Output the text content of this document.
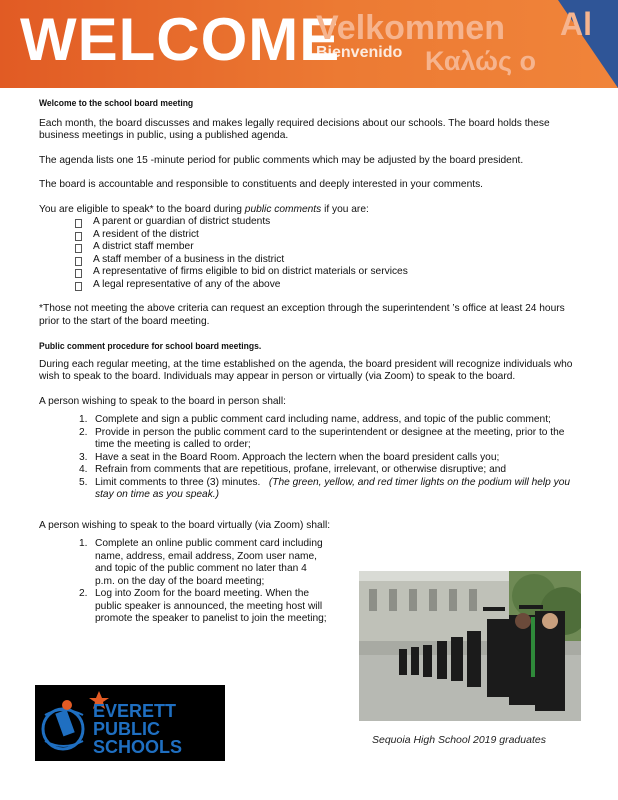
WELCOME
Velkommen
Bienvenido Καλώς ο
Al
Welcome to the school board meeting

Each month, the board discusses and makes legally required decisions about our schools. The board holds these business meetings in public, using a published agenda.

The agenda lists one 15 -minute period for public comments which may be adjusted by the board president.

The board is accountable and responsible to constituents and deeply interested in your comments.

You are eligible to speak* to the board during public comments if you are:

A parent or guardian of district students
A resident of the district
A district staff member
A staff member of a business in the district
A representative of firms eligible to bid on district materials or services
A legal representative of any of the above

*Those not meeting the above criteria can request an exception through the superintendent ’s office at least 24 hours prior to the start of the board meeting.

Public comment procedure for school board meetings.

During each regular meeting, at the time established on the agenda, the board president will recognize individuals who wish to speak to the board. Individuals may appear in person or virtually (via Zoom) to speak to the board.

A person wishing to speak to the board in person shall:

1. Complete and sign a public comment card including name, address, and topic of the public comment;
2. Provide in person the public comment card to the superintendent or designee at the meeting, prior to the time the meeting is called to order;
3. Have a seat in the Board Room. Approach the lectern when the board president calls you;
4. Refrain from comments that are repetitious, profane, irrelevant, or otherwise disruptive; and
5. Limit comments to three (3) minutes. (The green, yellow, and red timer lights on the podium will help you stay on time as you speak.)

A person wishing to speak to the board virtually (via Zoom) shall:

1. Complete an online public comment card including name, address, email address, Zoom user name, and topic of the public comment no later than 4 p.m. on the day of the board meeting;
2. Log into Zoom for the board meeting. When the public speaker is announced, the meeting host will promote the speaker to panelist to join the meeting;
Sequoia High School 2019 graduates
EVERETT
PUBLIC
SCHOOLS
